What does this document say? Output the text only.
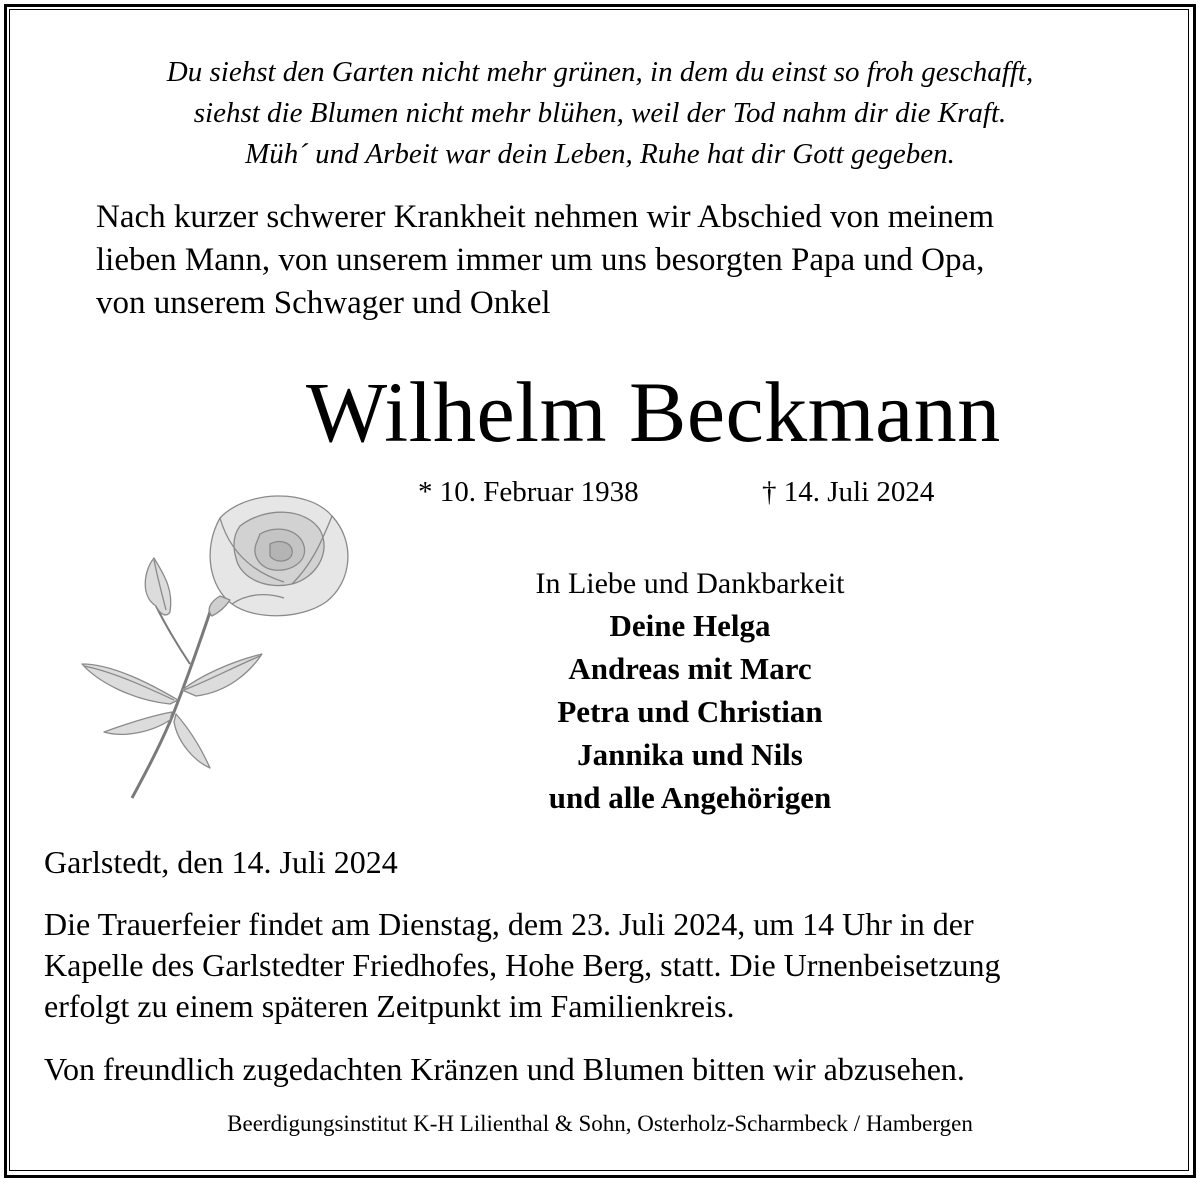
Du siehst den Garten nicht mehr grünen, in dem du einst so froh geschafft,
siehst die Blumen nicht mehr blühen, weil der Tod nahm dir die Kraft.
Müh´ und Arbeit war dein Leben, Ruhe hat dir Gott gegeben.
Nach kurzer schwerer Krankheit nehmen wir Abschied von meinem
lieben Mann, von unserem immer um uns besorgten Papa und Opa,
von unserem Schwager und Onkel
Wilhelm Beckmann
* 10. Februar 1938	† 14. Juli 2024
In Liebe und Dankbarkeit
Deine Helga
Andreas mit Marc
Petra und Christian
Jannika und Nils
und alle Angehörigen
Garlstedt, den 14. Juli 2024
Die Trauerfeier findet am Dienstag, dem 23. Juli 2024, um 14 Uhr in der
Kapelle des Garlstedter Friedhofes, Hohe Berg, statt. Die Urnenbeisetzung
erfolgt zu einem späteren Zeitpunkt im Familienkreis.
Von freundlich zugedachten Kränzen und Blumen bitten wir abzusehen.
Beerdigungsinstitut K-H Lilienthal & Sohn, Osterholz-Scharmbeck / Hambergen
